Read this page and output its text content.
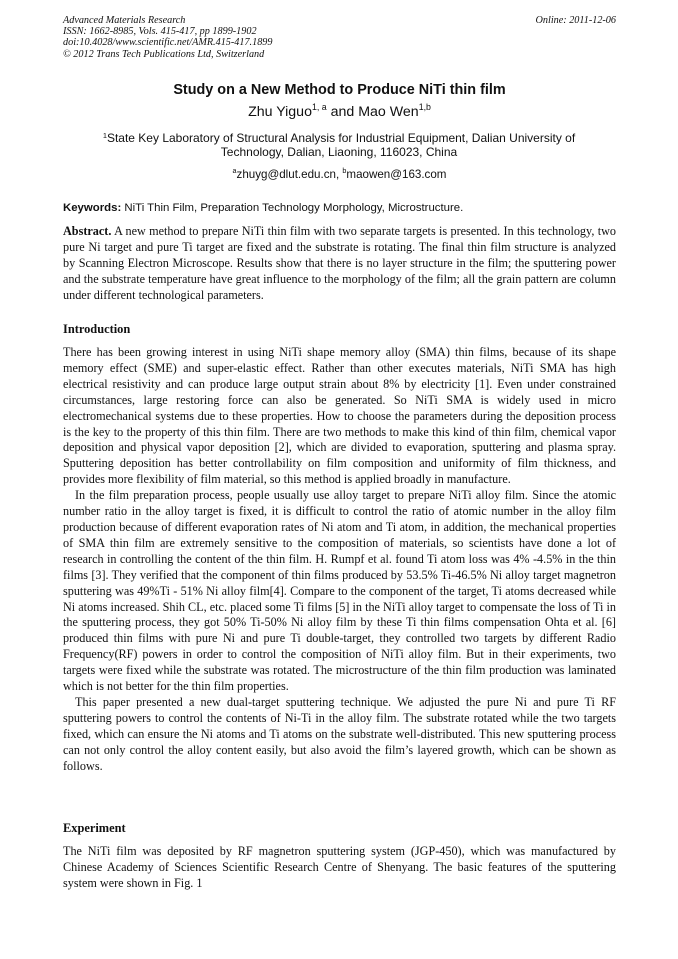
Advanced Materials Research
ISSN: 1662-8985, Vols. 415-417, pp 1899-1902
doi:10.4028/www.scientific.net/AMR.415-417.1899
© 2012 Trans Tech Publications Ltd, Switzerland
Online: 2011-12-06
Study on a New Method to Produce NiTi thin film
Zhu Yiguo$^{1, a}$ and Mao Wen$^{1,b}$
$^1$State Key Laboratory of Structural Analysis for Industrial Equipment, Dalian University of Technology, Dalian, Liaoning, 116023, China
$^a$zhuyg@dlut.edu.cn, $^b$maowen@163.com
Keywords: NiTi Thin Film, Preparation Technology Morphology, Microstructure.
Abstract. A new method to prepare NiTi thin film with two separate targets is presented. In this technology, two pure Ni target and pure Ti target are fixed and the substrate is rotating. The final thin film structure is analyzed by Scanning Electron Microscope. Results show that there is no layer structure in the film; the sputtering power and the substrate temperature have great influence to the morphology of the film; all the grain pattern are column under different technological parameters.
Introduction

There has been growing interest in using NiTi shape memory alloy (SMA) thin films, because of its shape memory effect (SME) and super-elastic effect. Rather than other executes materials, NiTi SMA has high electrical resistivity and can produce large output strain about 8% by electricity [1]. Even under constrained circumstances, large restoring force can also be generated. So NiTi SMA is widely used in micro electromechanical systems due to these properties. How to choose the parameters during the deposition process is the key to the property of this thin film. There are two methods to make this kind of thin film, chemical vapor deposition and physical vapor deposition [2], which are divided to evaporation, sputtering and plasma spray. Sputtering deposition has better controllability on film composition and uniformity of film thickness, and provides more flexibility of film material, so this method is applied broadly in manufacture.

In the film preparation process, people usually use alloy target to prepare NiTi alloy film. Since the atomic number ratio in the alloy target is fixed, it is difficult to control the ratio of atomic number in the alloy film production because of different evaporation rates of Ni atom and Ti atom, in addition, the mechanical properties of SMA thin film are extremely sensitive to the composition of materials, so scientists have done a lot of research in controlling the content of the thin film. H. Rumpf et al. found Ti atom loss was 4% -4.5% in the thin films [3]. They verified that the component of thin films produced by 53.5% Ti-46.5% Ni alloy target magnetron sputtering was 49%Ti - 51% Ni alloy film[4]. Compare to the component of the target, Ti atoms decreased while Ni atoms increased. Shih CL, etc. placed some Ti films [5] in the NiTi alloy target to compensate the loss of Ti in the sputtering process, they got 50% Ti-50% Ni alloy film by these Ti thin films compensation Ohta et al. [6] produced thin films with pure Ni and pure Ti double-target, they controlled two targets by different Radio Frequency(RF) powers in order to control the composition of NiTi alloy film. But in their experiments, two targets were fixed while the substrate was rotated. The microstructure of the thin film production was laminated which is not better for the thin film properties.

This paper presented a new dual-target sputtering technique. We adjusted the pure Ni and pure Ti RF sputtering powers to control the contents of Ni-Ti in the alloy film. The substrate rotated while the two targets fixed, which can ensure the Ni atoms and Ti atoms on the substrate well-distributed. This new sputtering process can not only control the alloy content easily, but also avoid the film’s layered growth, which can be shown as follows.

Experiment

The NiTi film was deposited by RF magnetron sputtering system (JGP-450), which was manufactured by Chinese Academy of Sciences Scientific Research Centre of Shenyang. The basic features of the sputtering system were shown in Fig. 1
